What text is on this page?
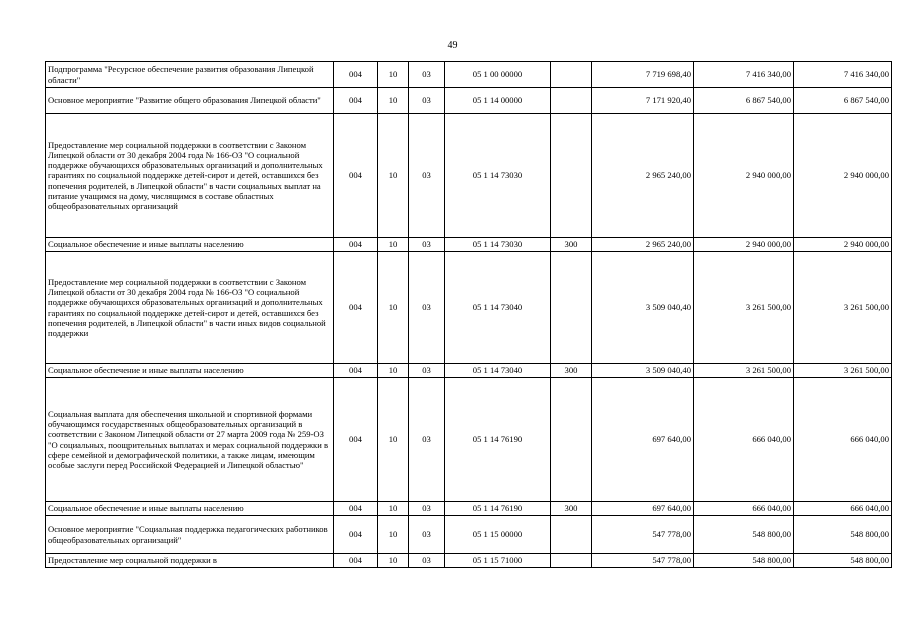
49
Подпрограмма "Ресурсное обеспечение развития образования Липецкой области"	004	10	03	05 1 00 00000		7 719 698,40	7 416 340,00	7 416 340,00
Основное мероприятие "Развитие общего образования Липецкой области"	004	10	03	05 1 14 00000		7 171 920,40	6 867 540,00	6 867 540,00
Предоставление мер социальной поддержки в соответствии с Законом Липецкой области от 30 декабря 2004 года № 166-ОЗ "О социальной поддержке обучающихся образовательных организаций и дополнительных гарантиях по социальной поддержке детей-сирот и детей, оставшихся без попечения родителей, в Липецкой области" в части социальных выплат на питание учащимся на дому, числящимся в составе областных общеобразовательных организаций	004	10	03	05 1 14 73030		2 965 240,00	2 940 000,00	2 940 000,00
Социальное обеспечение и иные выплаты населению	004	10	03	05 1 14 73030	300	2 965 240,00	2 940 000,00	2 940 000,00
Предоставление мер социальной поддержки в соответствии с Законом Липецкой области от 30 декабря 2004 года № 166-ОЗ "О социальной поддержке обучающихся образовательных организаций и дополнительных гарантиях по социальной поддержке детей-сирот и детей, оставшихся без попечения родителей, в Липецкой области" в части иных видов социальной поддержки	004	10	03	05 1 14 73040		3 509 040,40	3 261 500,00	3 261 500,00
Социальное обеспечение и иные выплаты населению	004	10	03	05 1 14 73040	300	3 509 040,40	3 261 500,00	3 261 500,00
Социальная выплата для обеспечения школьной и спортивной формами обучающимся государственных общеобразовательных организаций в соответствии с Законом Липецкой области от 27 марта 2009 года № 259-ОЗ "О социальных, поощрительных выплатах и мерах социальной поддержки в сфере семейной и демографической политики, а также лицам, имеющим особые заслуги перед Российской Федерацией и Липецкой областью"	004	10	03	05 1 14 76190		697 640,00	666 040,00	666 040,00
Социальное обеспечение и иные выплаты населению	004	10	03	05 1 14 76190	300	697 640,00	666 040,00	666 040,00
Основное мероприятие "Социальная поддержка педагогических работников общеобразовательных организаций"	004	10	03	05 1 15 00000		547 778,00	548 800,00	548 800,00
Предоставление мер социальной поддержки в	004	10	03	05 1 15 71000		547 778,00	548 800,00	548 800,00
